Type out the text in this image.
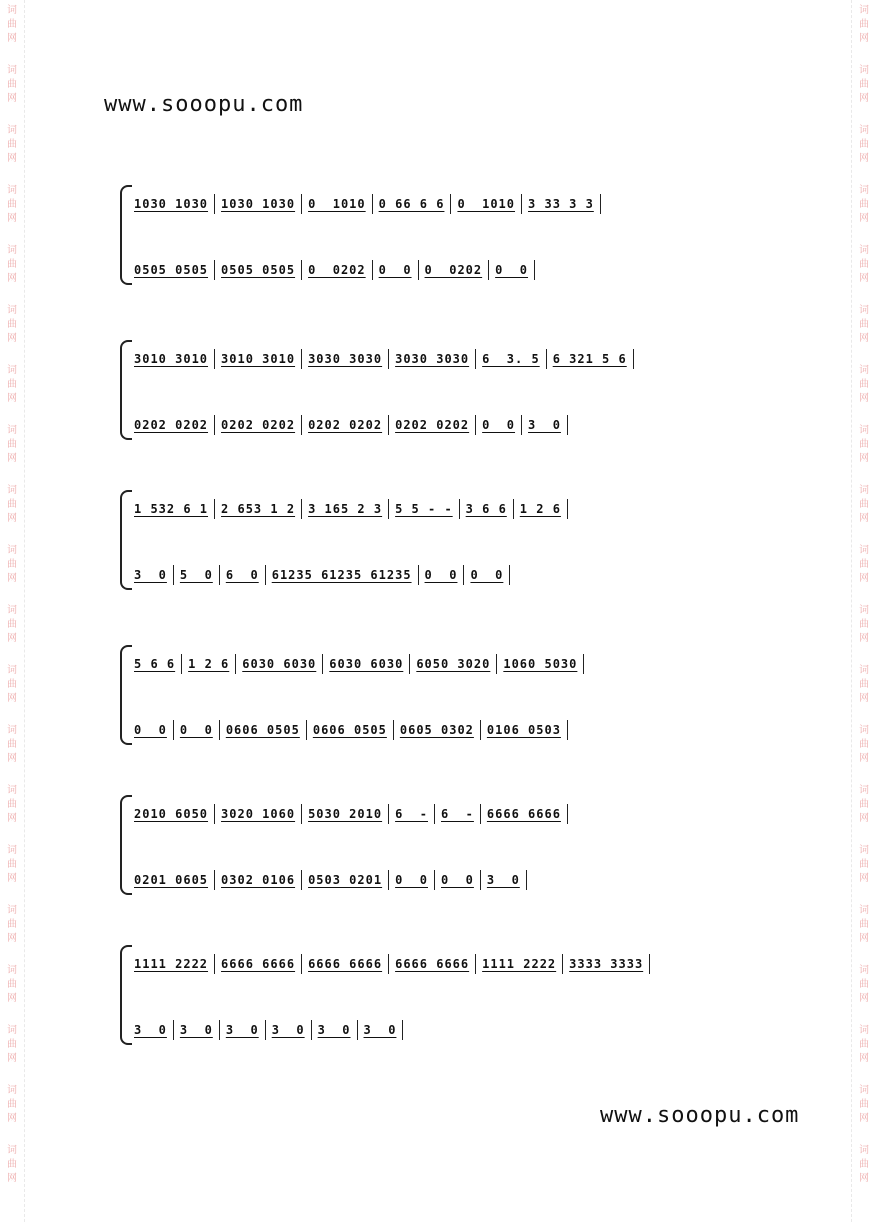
词
曲
网
词
曲
网
词
曲
网
词
曲
网
词
曲
网
词
曲
网
词
曲
网
词
曲
网
词
曲
网
词
曲
网
词
曲
网
词
曲
网
词
曲
网
词
曲
网
词
曲
网
词
曲
网
词
曲
网
词
曲
网
词
曲
网
词
曲
网
词
曲
网
词
曲
网
词
曲
网
词
曲
网
词
曲
网
词
曲
网
词
曲
网
词
曲
网
词
曲
网
词
曲
网
词
曲
网
词
曲
网
词
曲
网
词
曲
网
词
曲
网
词
曲
网
词
曲
网
词
曲
网
词
曲
网
词
曲
网
www.sooopu.com
1030 1030 1030 1030 0  1010 0 66 6 6 0  1010 3 33 3 3
0505 0505 0505 0505 0  0202 0  0 0  0202 0  0
3010 3010 3010 3010 3030 3030 3030 3030 6  3. 5 6 321 5 6
0202 0202 0202 0202 0202 0202 0202 0202 0  0 3  0
1 532 6 1 2 653 1 2 3 165 2 3 5 5 - - 3 6 6 1 2 6
3  0 5  0 6  0 61235 61235 61235 0  0 0  0
5 6 6 1 2 6 6030 6030 6030 6030 6050 3020 1060 5030
0  0 0  0 0606 0505 0606 0505 0605 0302 0106 0503
2010 6050 3020 1060 5030 2010 6  - 6  - 6666 6666
0201 0605 0302 0106 0503 0201 0  0 0  0 3  0
1111 2222 6666 6666 6666 6666 6666 6666 1111 2222 3333 3333
3  0 3  0 3  0 3  0 3  0 3  0
www.sooopu.com
